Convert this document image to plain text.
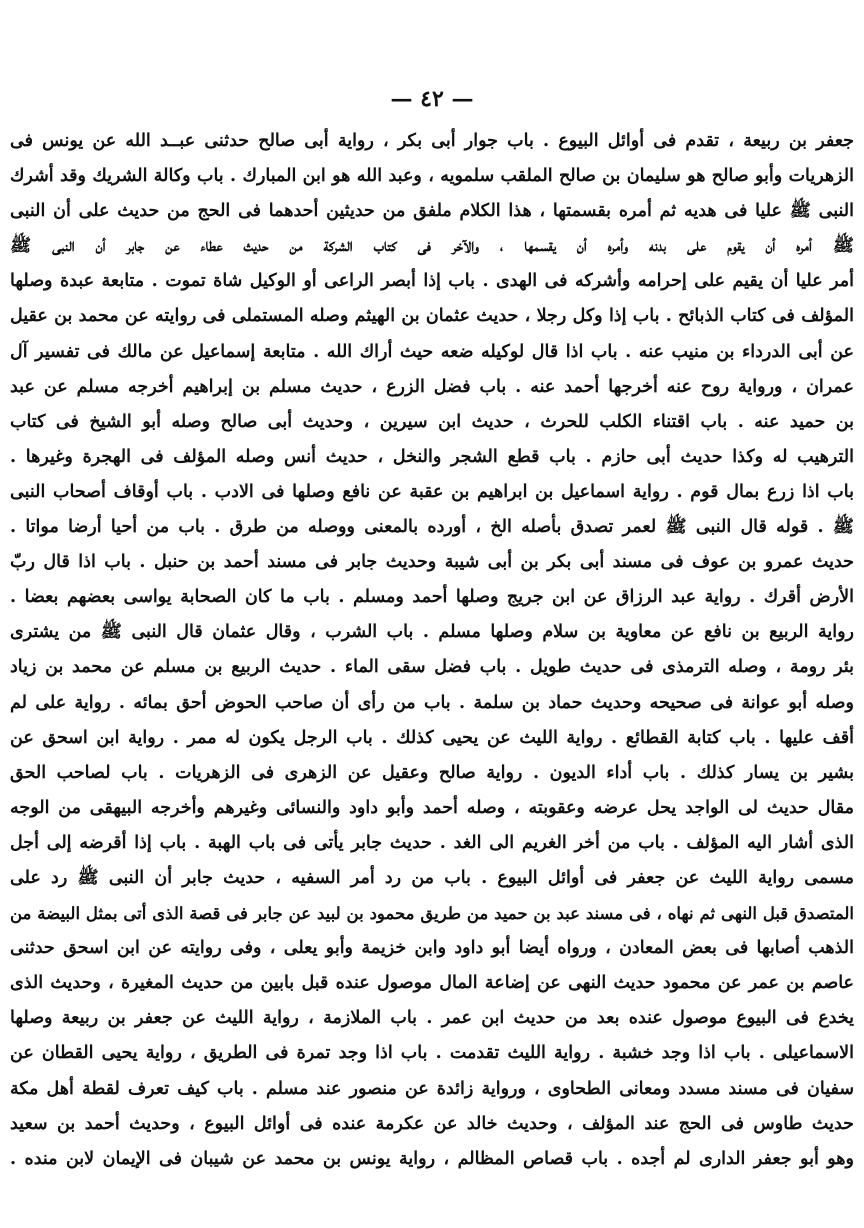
— ٤٢ —
جعفر بن ربيعة ، تقدم فى أوائل البيوع . باب جوار أبى بكر ، رواية أبى صالح حدثنى عبــد الله عن يونس فى
الزهريات وأبو صالح هو سليمان بن صالح الملقب سلمويه ، وعبد الله هو ابن المبارك . باب وكالة الشريك وقد أشرك
النبى ﷺ عليا فى هديه ثم أمره بقسمتها ، هذا الكلام ملفق من حديثين أحدهما فى الحج من حديث على أن النبى
ﷺ أمره أن يقوم على بدنه وأمره أن يقسمها ، والآخر فى كتاب الشركة من حديث عطاء عن جابر أن النبى ﷺ
أمر عليا أن يقيم على إحرامه وأشركه فى الهدى . باب إذا أبصر الراعى أو الوكيل شاة تموت . متابعة عبدة وصلها
المؤلف فى كتاب الذبائح . باب إذا وكل رجلا ، حديث عثمان بن الهيثم وصله المستملى فى روايته عن محمد بن عقيل
عن أبى الدرداء بن منيب عنه . باب اذا قال لوكيله ضعه حيث أراك الله . متابعة إسماعيل عن مالك فى تفسير آل
عمران ، ورواية روح عنه أخرجها أحمد عنه . باب فضل الزرع ، حديث مسلم بن إبراهيم أخرجه مسلم عن عبد
بن حميد عنه . باب اقتناء الكلب للحرث ، حديث ابن سيرين ، وحديث أبى صالح وصله أبو الشيخ فى كتاب
الترهيب له وكذا حديث أبى حازم . باب قطع الشجر والنخل ، حديث أنس وصله المؤلف فى الهجرة وغيرها .
باب اذا زرع بمال قوم . رواية اسماعيل بن ابراهيم بن عقبة عن نافع وصلها فى الادب . باب أوقاف أصحاب النبى
ﷺ . قوله قال النبى ﷺ لعمر تصدق بأصله الخ ، أورده بالمعنى ووصله من طرق . باب من أحيا أرضا مواتا .
حديث عمرو بن عوف فى مسند أبى بكر بن أبى شيبة وحديث جابر فى مسند أحمد بن حنبل . باب اذا قال ربّ
الأرض أقرك . رواية عبد الرزاق عن ابن جريج وصلها أحمد ومسلم . باب ما كان الصحابة يواسى بعضهم بعضا .
رواية الربيع بن نافع عن معاوية بن سلام وصلها مسلم . باب الشرب ، وقال عثمان قال النبى ﷺ من يشترى
بئر رومة ، وصله الترمذى فى حديث طويل . باب فضل سقى الماء . حديث الربيع بن مسلم عن محمد بن زياد
وصله أبو عوانة فى صحيحه وحديث حماد بن سلمة . باب من رأى أن صاحب الحوض أحق بمائه . رواية على لم
أقف عليها . باب كتابة القطائع . رواية الليث عن يحيى كذلك . باب الرجل يكون له ممر . رواية ابن اسحق عن
بشير بن يسار كذلك . باب أداء الديون . رواية صالح وعقيل عن الزهرى فى الزهريات . باب لصاحب الحق
مقال حديث لى الواجد يحل عرضه وعقوبته ، وصله أحمد وأبو داود والنسائى وغيرهم وأخرجه البيهقى من الوجه
الذى أشار اليه المؤلف . باب من أخر الغريم الى الغد . حديث جابر يأتى فى باب الهبة . باب إذا أقرضه إلى أجل
مسمى رواية الليث عن جعفر فى أوائل البيوع . باب من رد أمر السفيه ، حديث جابر أن النبى ﷺ رد على
المتصدق قبل النهى ثم نهاه ، فى مسند عبد بن حميد من طريق محمود بن لبيد عن جابر فى قصة الذى أتى بمثل البيضة من
الذهب أصابها فى بعض المعادن ، ورواه أيضا أبو داود وابن خزيمة وأبو يعلى ، وفى روايته عن ابن اسحق حدثنى
عاصم بن عمر عن محمود حديث النهى عن إضاعة المال موصول عنده قبل بابين من حديث المغيرة ، وحديث الذى
يخدع فى البيوع موصول عنده بعد من حديث ابن عمر . باب الملازمة ، رواية الليث عن جعفر بن ربيعة وصلها
الاسماعيلى . باب اذا وجد خشبة . رواية الليث تقدمت . باب اذا وجد تمرة فى الطريق ، رواية يحيى القطان عن
سفيان فى مسند مسدد ومعانى الطحاوى ، ورواية زائدة عن منصور عند مسلم . باب كيف تعرف لقطة أهل مكة
حديث طاوس فى الحج عند المؤلف ، وحديث خالد عن عكرمة عنده فى أوائل البيوع ، وحديث أحمد بن سعيد
وهو أبو جعفر الدارى لم أجده . باب قصاص المظالم ، رواية يونس بن محمد عن شيبان فى الإيمان لابن منده .
